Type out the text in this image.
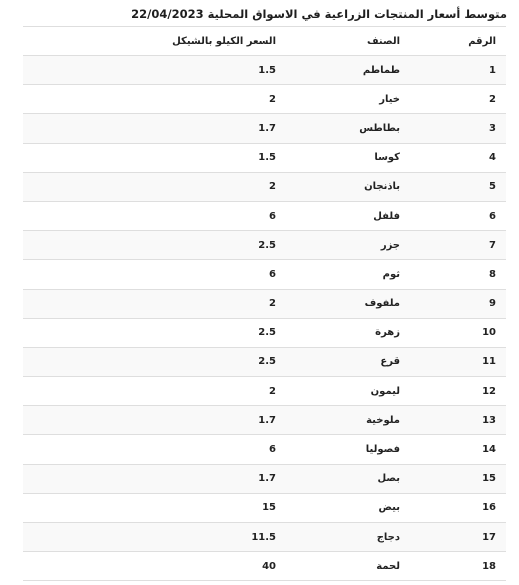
متوسط أسعار المنتجات الزراعية في الاسواق المحلية 22/04/2023
الرقم	الصنف	السعر الكيلو بالشيكل
1	طماطم	1.5
2	خيار	2
3	بطاطس	1.7
4	كوسا	1.5
5	باذنجان	2
6	فلفل	6
7	جزر	2.5
8	ثوم	6
9	ملفوف	2
10	زهرة	2.5
11	قرع	2.5
12	ليمون	2
13	ملوخية	1.7
14	فصوليا	6
15	بصل	1.7
16	بيض	15
17	دجاج	11.5
18	لحمة	40
